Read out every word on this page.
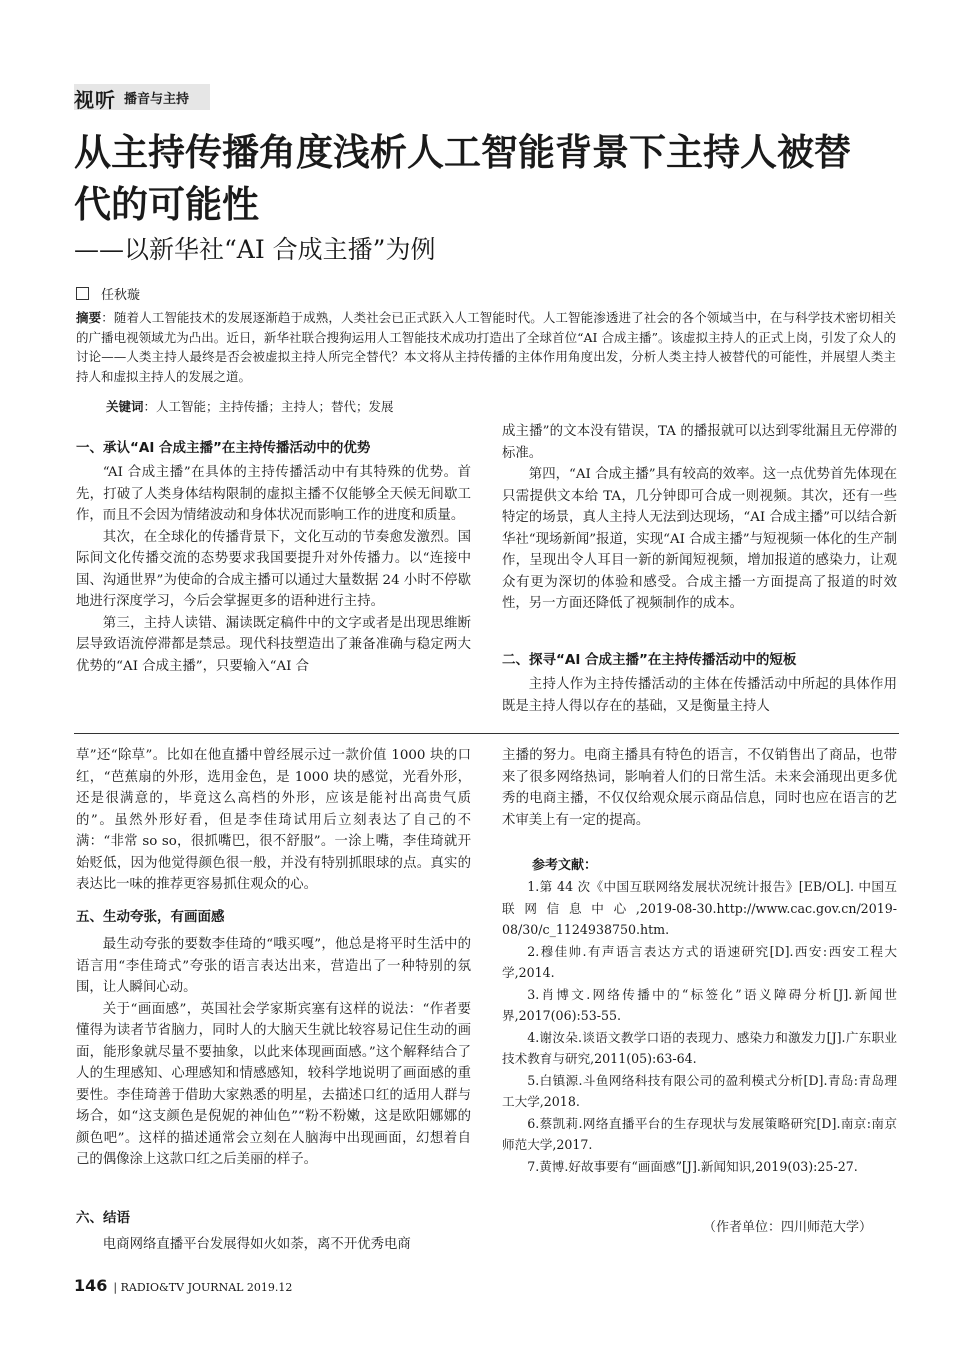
视听 播音与主持
从主持传播角度浅析人工智能背景下主持人被替代的可能性
——以新华社“AI 合成主播”为例
任秋璇
摘要：随着人工智能技术的发展逐渐趋于成熟，人类社会已正式跃入人工智能时代。人工智能渗透进了社会的各个领域当中，在与科学技术密切相关的广播电视领域尤为凸出。近日，新华社联合搜狗运用人工智能技术成功打造出了全球首位“AI 合成主播”。该虚拟主持人的正式上岗，引发了众人的讨论——人类主持人最终是否会被虚拟主持人所完全替代？本文将从主持传播的主体作用角度出发，分析人类主持人被替代的可能性，并展望人类主持人和虚拟主持人的发展之道。
关键词：人工智能；主持传播；主持人；替代；发展
一、承认“AI 合成主播”在主持传播活动中的优势

“AI 合成主播”在具体的主持传播活动中有其特殊的优势。首先，打破了人类身体结构限制的虚拟主播不仅能够全天候无间歇工作，而且不会因为情绪波动和身体状况而影响工作的进度和质量。

其次，在全球化的传播背景下，文化互动的节奏愈发激烈。国际间文化传播交流的态势要求我国要提升对外传播力。以“连接中国、沟通世界”为使命的合成主播可以通过大量数据 24 小时不停歇地进行深度学习，今后会掌握更多的语种进行主持。

第三，主持人读错、漏读既定稿件中的文字或者是出现思维断层导致语流停滞都是禁忌。现代科技塑造出了兼备准确与稳定两大优势的“AI 合成主播”，只要输入“AI 合

成主播”的文本没有错误，TA 的播报就可以达到零纰漏且无停滞的标准。

第四，“AI 合成主播”具有较高的效率。这一点优势首先体现在只需提供文本给 TA，几分钟即可合成一则视频。其次，还有一些特定的场景，真人主持人无法到达现场，“AI 合成主播”可以结合新华社“现场新闻”报道，实现“AI 合成主播”与短视频一体化的生产制作，呈现出令人耳目一新的新闻短视频，增加报道的感染力，让观众有更为深切的体验和感受。合成主播一方面提高了报道的时效性，另一方面还降低了视频制作的成本。

二、探寻“AI 合成主播”在主持传播活动中的短板

主持人作为主持传播活动的主体在传播活动中所起的具体作用既是主持人得以存在的基础，又是衡量主持人

草”还“除草”。比如在他直播中曾经展示过一款价值 1000 块的口红，“芭蕉扇的外形，选用金色，是 1000 块的感觉，光看外形，还是很满意的，毕竟这么高档的外形，应该是能衬出高贵气质的”。虽然外形好看，但是李佳琦试用后立刻表达了自己的不满：“非常 so so，很抓嘴巴，很不舒服”。一涂上嘴，李佳琦就开始贬低，因为他觉得颜色很一般，并没有特别抓眼球的点。真实的表达比一味的推荐更容易抓住观众的心。

五、生动夸张，有画面感

最生动夸张的要数李佳琦的“哦买嘎”，他总是将平时生活中的语言用“李佳琦式”夸张的语言表达出来，营造出了一种特别的氛围，让人瞬间心动。

关于“画面感”，英国社会学家斯宾塞有这样的说法：“作者要懂得为读者节省脑力，同时人的大脑天生就比较容易记住生动的画面，能形象就尽量不要抽象，以此来体现画面感。”这个解释结合了人的生理感知、心理感知和情感感知，较科学地说明了画面感的重要性。李佳琦善于借助大家熟悉的明星，去描述口红的适用人群与场合，如“这支颜色是倪妮的神仙色”“粉不粉嫩，这是欧阳娜娜的颜色吧”。这样的描述通常会立刻在人脑海中出现画面，幻想着自己的偶像涂上这款口红之后美丽的样子。

六、结语

电商网络直播平台发展得如火如荼，离不开优秀电商

主播的努力。电商主播具有特色的语言，不仅销售出了商品，也带来了很多网络热词，影响着人们的日常生活。未来会涌现出更多优秀的电商主播，不仅仅给观众展示商品信息，同时也应在语言的艺术审美上有一定的提高。

参考文献：

1.第 44 次《中国互联网络发展状况统计报告》[EB/OL]. 中国互联网信息中心,2019-08-30.http://www.cac.gov.cn/2019-08/30/c_1124938750.htm.

2.穆佳帅.有声语言表达方式的语速研究[D].西安:西安工程大学,2014.

3.肖博文.网络传播中的“标签化”语义障碍分析[J].新闻世界,2017(06):53-55.

4.谢汝朵.谈语文教学口语的表现力、感染力和激发力[J].广东职业技术教育与研究,2011(05):63-64.

5.白镇源.斗鱼网络科技有限公司的盈利模式分析[D].青岛:青岛理工大学,2018.

6.蔡凯莉.网络直播平台的生存现状与发展策略研究[D].南京:南京师范大学,2017.

7.黄博.好故事要有“画面感”[J].新闻知识,2019(03):25-27.

（作者单位：四川师范大学）
146 | RADIO&TV JOURNAL 2019.12
